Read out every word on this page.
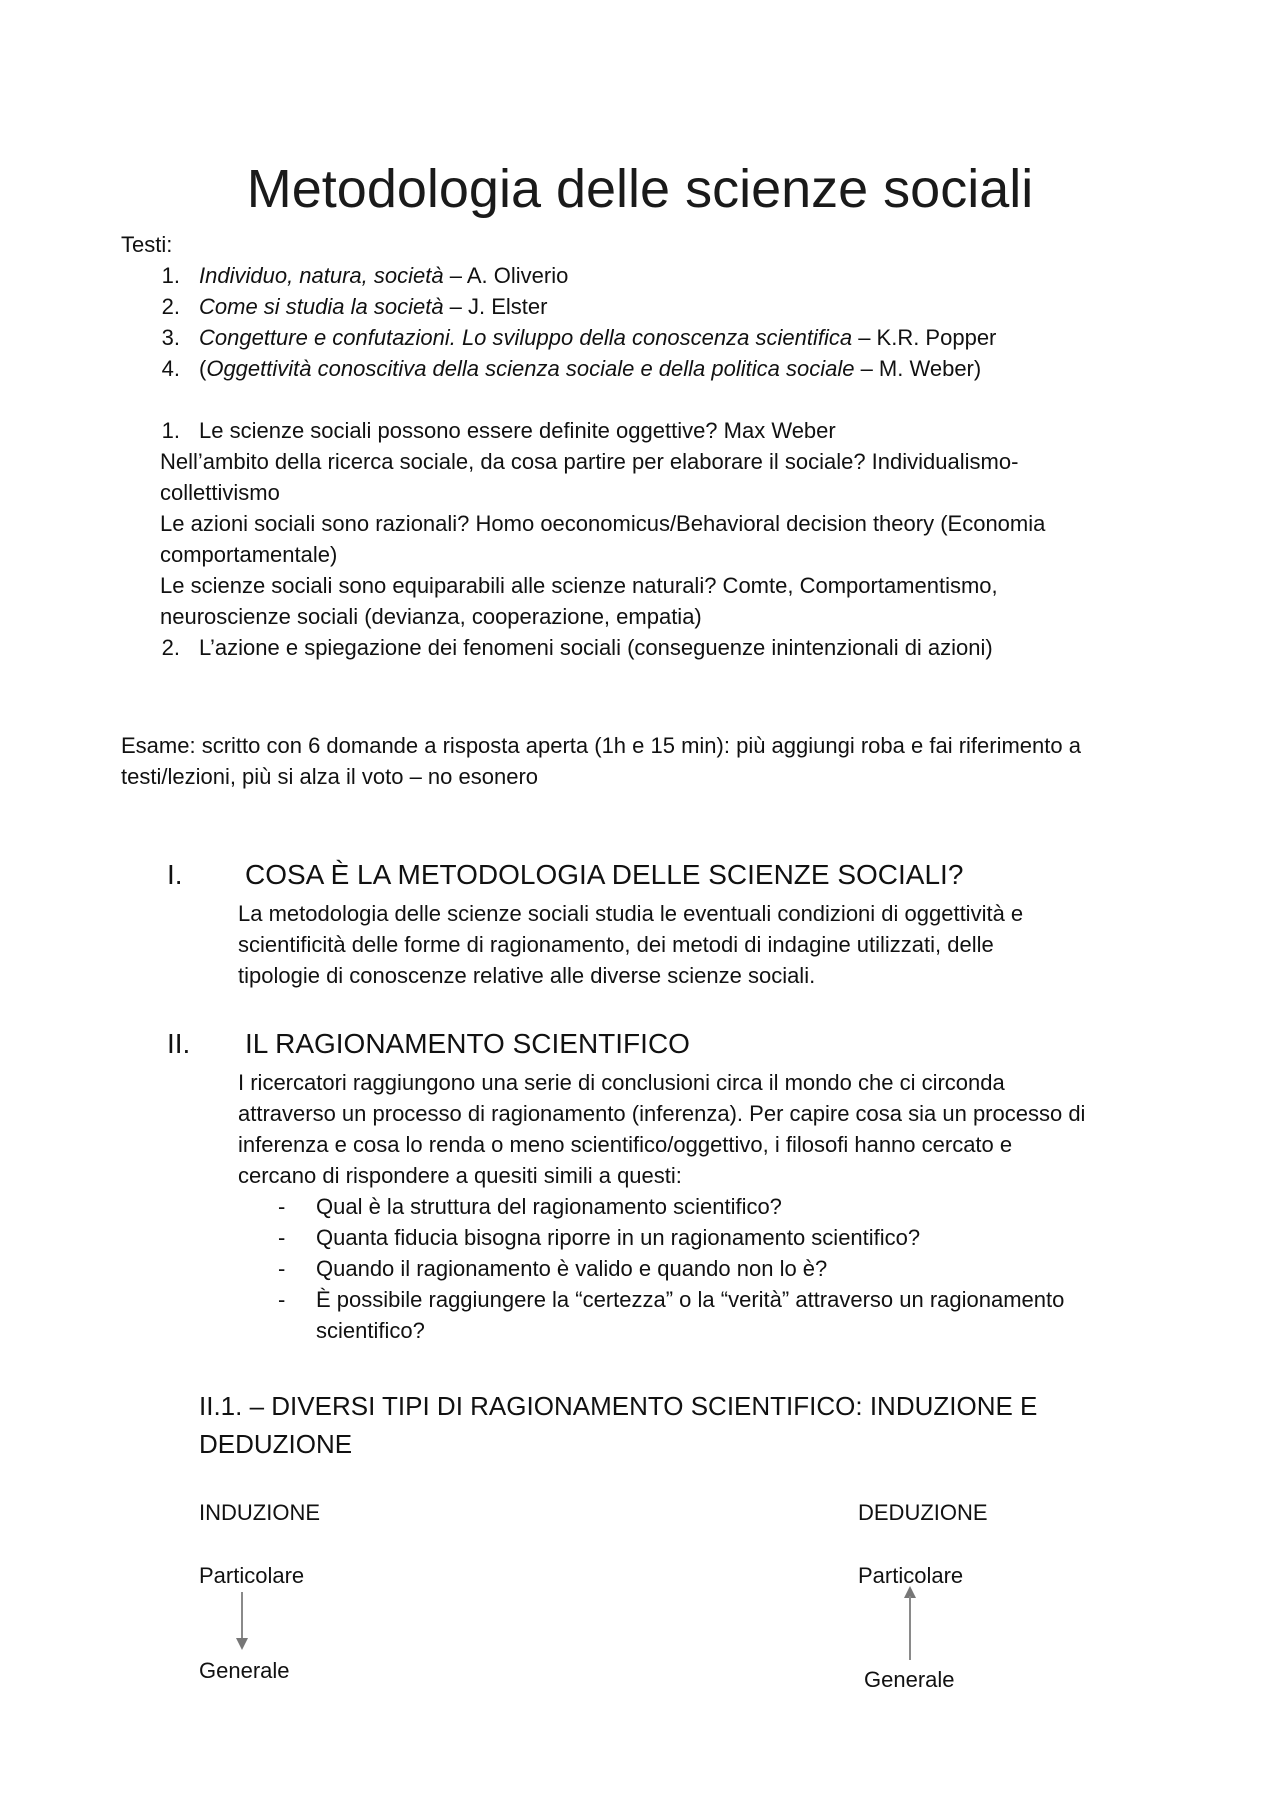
Metodologia delle scienze sociali
Testi:
1. Individuo, natura, società – A. Oliverio
2. Come si studia la società – J. Elster
3. Congetture e confutazioni. Lo sviluppo della conoscenza scientifica – K.R. Popper
4. (Oggettività conoscitiva della scienza sociale e della politica sociale – M. Weber)
1. Le scienze sociali possono essere definite oggettive? Max Weber
Nell’ambito della ricerca sociale, da cosa partire per elaborare il sociale? Individualismo-
collettivismo
Le azioni sociali sono razionali? Homo oeconomicus/Behavioral decision theory (Economia
comportamentale)
Le scienze sociali sono equiparabili alle scienze naturali? Comte, Comportamentismo,
neuroscienze sociali (devianza, cooperazione, empatia)
2. L’azione e spiegazione dei fenomeni sociali (conseguenze inintenzionali di azioni)
Esame: scritto con 6 domande a risposta aperta (1h e 15 min): più aggiungi roba e fai riferimento a
testi/lezioni, più si alza il voto – no esonero
I. COSA È LA METODOLOGIA DELLE SCIENZE SOCIALI?
La metodologia delle scienze sociali studia le eventuali condizioni di oggettività e
scientificità delle forme di ragionamento, dei metodi di indagine utilizzati, delle
tipologie di conoscenze relative alle diverse scienze sociali.
II. IL RAGIONAMENTO SCIENTIFICO
I ricercatori raggiungono una serie di conclusioni circa il mondo che ci circonda
attraverso un processo di ragionamento (inferenza). Per capire cosa sia un processo di
inferenza e cosa lo renda o meno scientifico/oggettivo, i filosofi hanno cercato e
cercano di rispondere a quesiti simili a questi:
- Qual è la struttura del ragionamento scientifico?
- Quanta fiducia bisogna riporre in un ragionamento scientifico?
- Quando il ragionamento è valido e quando non lo è?
- È possibile raggiungere la “certezza” o la “verità” attraverso un ragionamento
scientifico?
II.1. – DIVERSI TIPI DI RAGIONAMENTO SCIENTIFICO: INDUZIONE E
DEDUZIONE
INDUZIONE
Particolare
Generale
DEDUZIONE
Particolare
Generale
